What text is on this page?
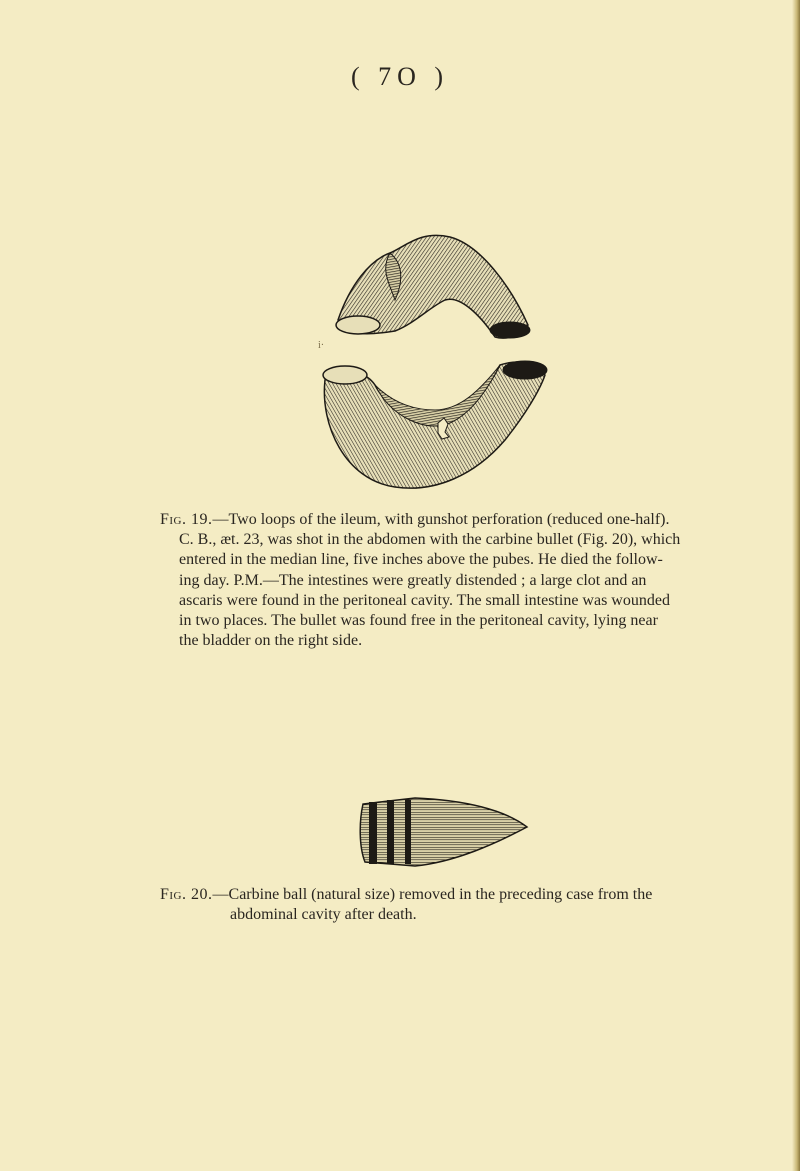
( 7O )
i·

Fig. 19.—Two loops of the ileum, with gunshot perforation (reduced one-half).

C. B., æt. 23, was shot in the abdomen with the carbine bullet (Fig. 20), which

entered in the median line, five inches above the pubes. He died the follow-

ing day. P.M.—The intestines were greatly distended ; a large clot and an

ascaris were found in the peritoneal cavity. The small intestine was wounded

in two places. The bullet was found free in the peritoneal cavity, lying near

the bladder on the right side.

Fig. 20.—Carbine ball (natural size) removed in the preceding case from the

abdominal cavity after death.
